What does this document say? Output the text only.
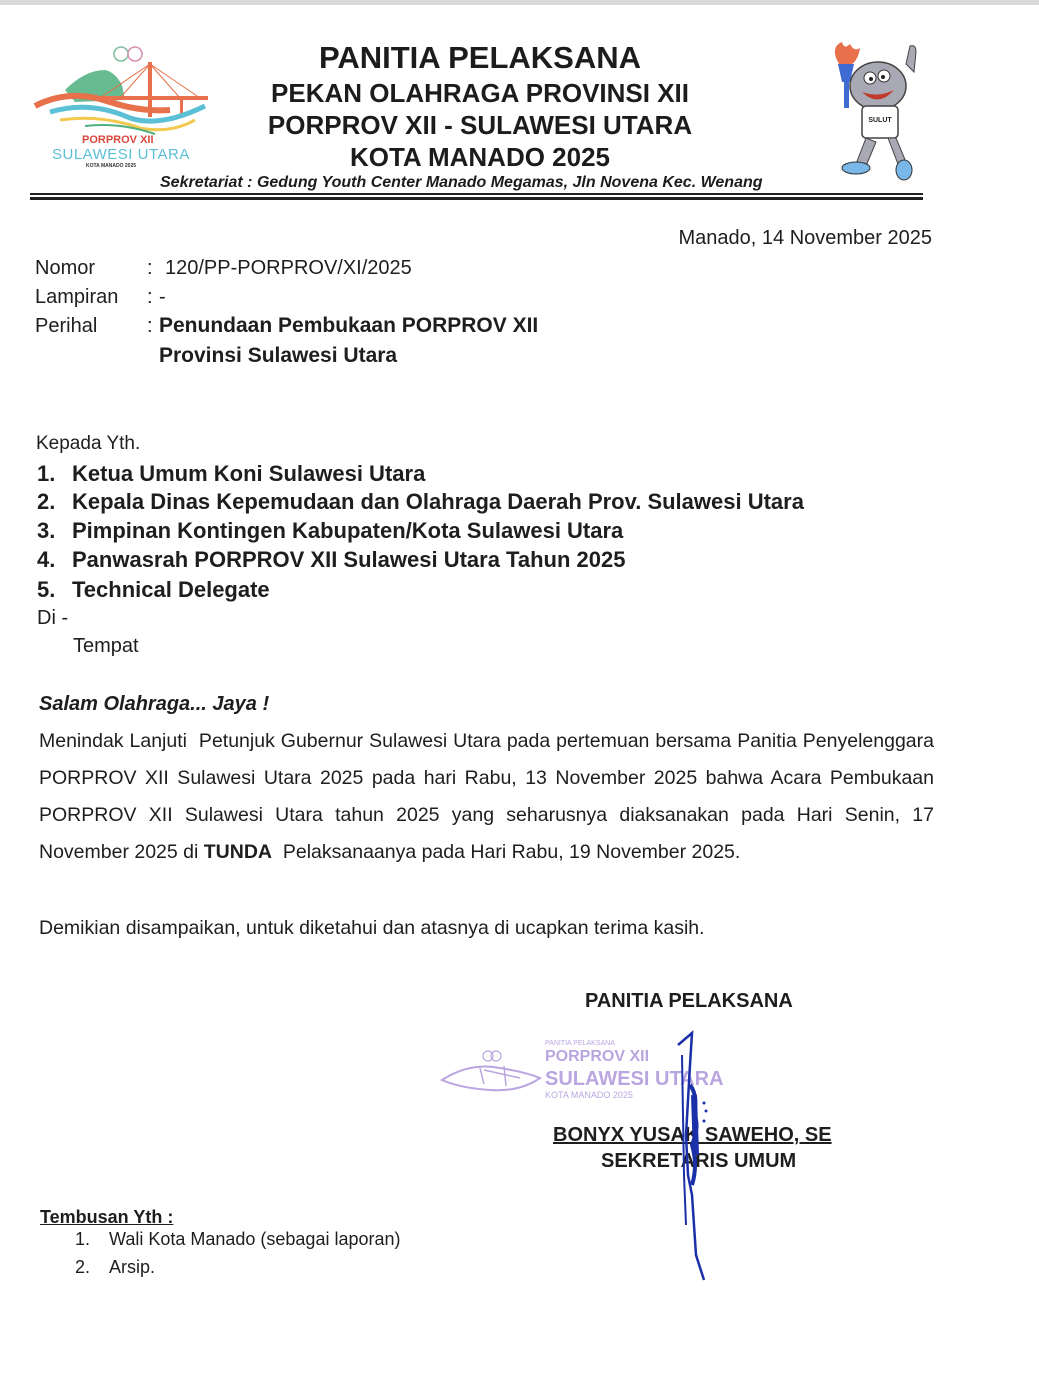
PORPROV XII
SULAWESI UTARA
KOTA MANADO 2025
PANITIA PELAKSANA
PEKAN OLAHRAGA PROVINSI XII
PORPROV XII - SULAWESI UTARA
KOTA MANADO 2025
Sekretariat : Gedung Youth Center Manado Megamas, Jln Novena Kec. Wenang
SULUT
Manado, 14 November 2025
Nomor	: 120/PP-PORPROV/XI/2025
Lampiran : -
Perihal : Penundaan Pembukaan PORPROV XII
Provinsi Sulawesi Utara
Kepada Yth.
1. Ketua Umum Koni Sulawesi Utara
2. Kepala Dinas Kepemudaan dan Olahraga Daerah Prov. Sulawesi Utara
3. Pimpinan Kontingen Kabupaten/Kota Sulawesi Utara
4. Panwasrah PORPROV XII Sulawesi Utara Tahun 2025
5. Technical Delegate
Di -
Tempat
Salam Olahraga... Jaya !
Menindak Lanjuti  Petunjuk Gubernur Sulawesi Utara pada pertemuan bersama Panitia Penyelenggara PORPROV XII Sulawesi Utara 2025 pada hari Rabu, 13 November 2025 bahwa Acara Pembukaan PORPROV XII Sulawesi Utara tahun 2025 yang seharusnya diaksanakan pada Hari Senin, 17 November 2025 di TUNDA  Pelaksanaanya pada Hari Rabu, 19 November 2025.
Demikian disampaikan, untuk diketahui dan atasnya di ucapkan terima kasih.
PANITIA PELAKSANA
PANITIA PELAKSANA
PORPROV XII
SULAWESI UTARA
KOTA MANADO 2025
BONYX YUSAK SAWEHO, SE
SEKRETARIS UMUM
Tembusan Yth :
1. Wali Kota Manado (sebagai laporan)
2. Arsip.
